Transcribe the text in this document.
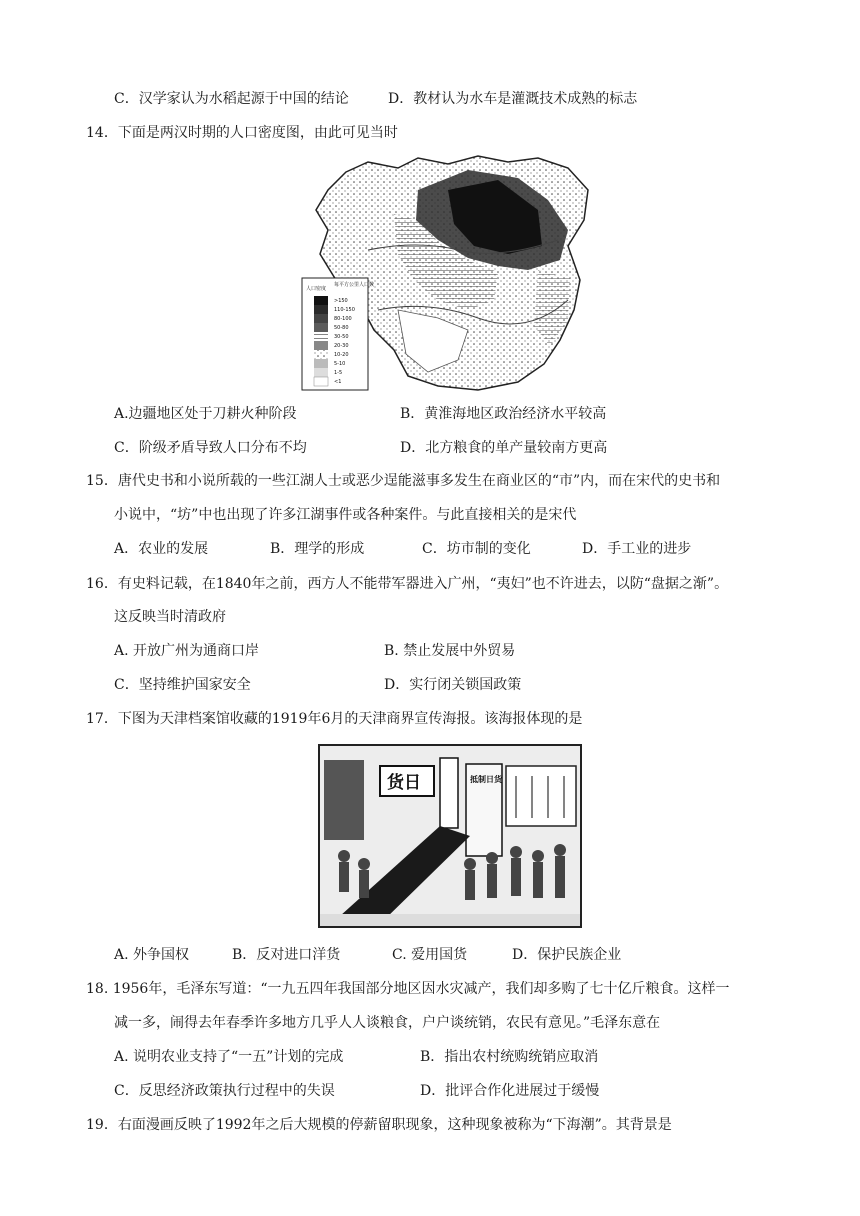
C．汉学家认为水稻起源于中国的结论	D．教材认为水车是灌溉技术成熟的标志
14．下面是两汉时期的人口密度图，由此可见当时
人口密度
每平方公里人口数
>150
110-150
80-100
50-80
30-50
20-30
10-20
5-10
1-5
<1
A.边疆地区处于刀耕火种阶段	B．黄淮海地区政治经济水平较高
C．阶级矛盾导致人口分布不均	D．北方粮食的单产量较南方更高
15．唐代史书和小说所载的一些江湖人士或恶少逞能滋事多发生在商业区的“市”内，而在宋代的史书和
小说中，“坊”中也出现了许多江湖事件或各种案件。与此直接相关的是宋代
A．农业的发展	B．理学的形成	C．坊市制的变化	D．手工业的进步
16．有史料记载，在1840年之前，西方人不能带军器进入广州，“夷妇”也不许进去，以防“盘据之渐”。
这反映当时清政府
A. 开放广州为通商口岸	B. 禁止发展中外贸易
C．坚持维护国家安全	D．实行闭关锁国政策
17．下图为天津档案馆收藏的1919年6月的天津商界宣传海报。该海报体现的是
货日	抵制日货
A. 外争国权	B．反对进口洋货	C. 爱用国货	D．保护民族企业
18. 1956年，毛泽东写道：“一九五四年我国部分地区因水灾减产，我们却多购了七十亿斤粮食。这样一
减一多，闹得去年春季许多地方几乎人人谈粮食，户户谈统销，农民有意见。”毛泽东意在
A. 说明农业支持了“一五”计划的完成	B．指出农村统购统销应取消
C．反思经济政策执行过程中的失误	D．批评合作化进展过于缓慢
19．右面漫画反映了1992年之后大规模的停薪留职现象，这种现象被称为“下海潮”。其背景是
